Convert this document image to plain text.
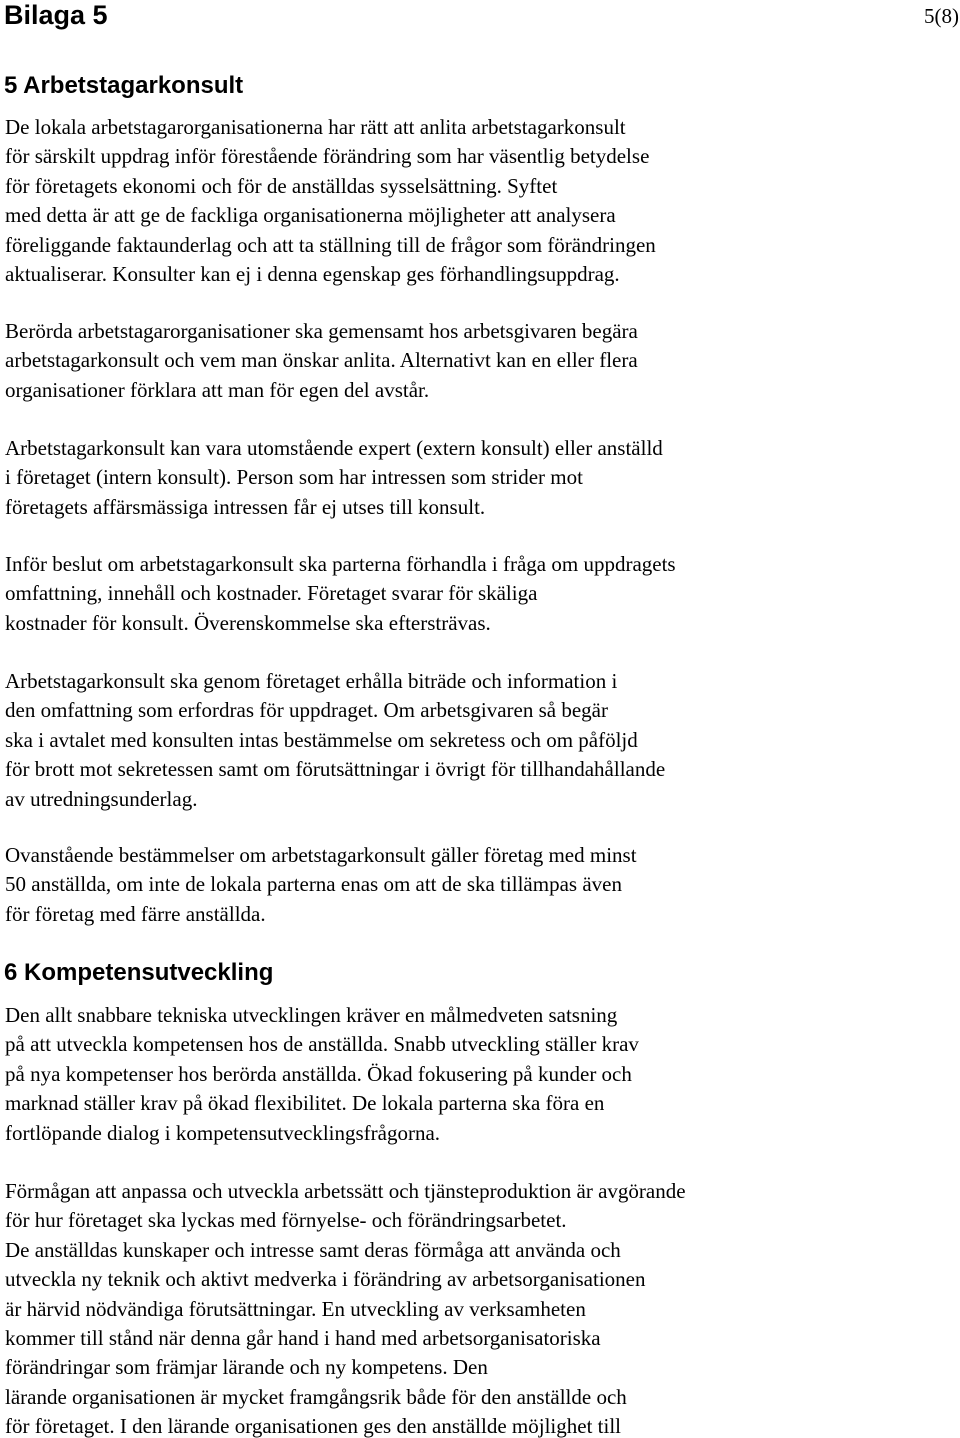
Bilaga 5	5(8)
5 Arbetstagarkonsult

De lokala arbetstagarorganisationerna har rätt att anlita arbetstagarkonsult
för särskilt uppdrag inför förestående förändring som har väsentlig betydelse
för företagets ekonomi och för de anställdas sysselsättning. Syftet
med detta är att ge de fackliga organisationerna möjligheter att analysera
föreliggande faktaunderlag och att ta ställning till de frågor som förändringen
aktualiserar. Konsulter kan ej i denna egenskap ges förhandlingsuppdrag.

Berörda arbetstagarorganisationer ska gemensamt hos arbetsgivaren begära
arbetstagarkonsult och vem man önskar anlita. Alternativt kan en eller flera
organisationer förklara att man för egen del avstår.

Arbetstagarkonsult kan vara utomstående expert (extern konsult) eller anställd
i företaget (intern konsult). Person som har intressen som strider mot
företagets affärsmässiga intressen får ej utses till konsult.

Inför beslut om arbetstagarkonsult ska parterna förhandla i fråga om uppdragets
omfattning, innehåll och kostnader. Företaget svarar för skäliga
kostnader för konsult. Överenskommelse ska eftersträvas.

Arbetstagarkonsult ska genom företaget erhålla biträde och information i
den omfattning som erfordras för uppdraget. Om arbetsgivaren så begär
ska i avtalet med konsulten intas bestämmelse om sekretess och om påföljd
för brott mot sekretessen samt om förutsättningar i övrigt för tillhandahållande
av utredningsunderlag.

Ovanstående bestämmelser om arbetstagarkonsult gäller företag med minst
50 anställda, om inte de lokala parterna enas om att de ska tillämpas även
för företag med färre anställda.

6 Kompetensutveckling

Den allt snabbare tekniska utvecklingen kräver en målmedveten satsning
på att utveckla kompetensen hos de anställda. Snabb utveckling ställer krav
på nya kompetenser hos berörda anställda. Ökad fokusering på kunder och
marknad ställer krav på ökad flexibilitet. De lokala parterna ska föra en
fortlöpande dialog i kompetensutvecklingsfrågorna.

Förmågan att anpassa och utveckla arbetssätt och tjänsteproduktion är avgörande
för hur företaget ska lyckas med förnyelse- och förändringsarbetet.
De anställdas kunskaper och intresse samt deras förmåga att använda och
utveckla ny teknik och aktivt medverka i förändring av arbetsorganisationen
är härvid nödvändiga förutsättningar. En utveckling av verksamheten
kommer till stånd när denna går hand i hand med arbetsorganisatoriska
förändringar som främjar lärande och ny kompetens. Den
lärande organisationen är mycket framgångsrik både för den anställde och
för företaget. I den lärande organisationen ges den anställde möjlighet till
